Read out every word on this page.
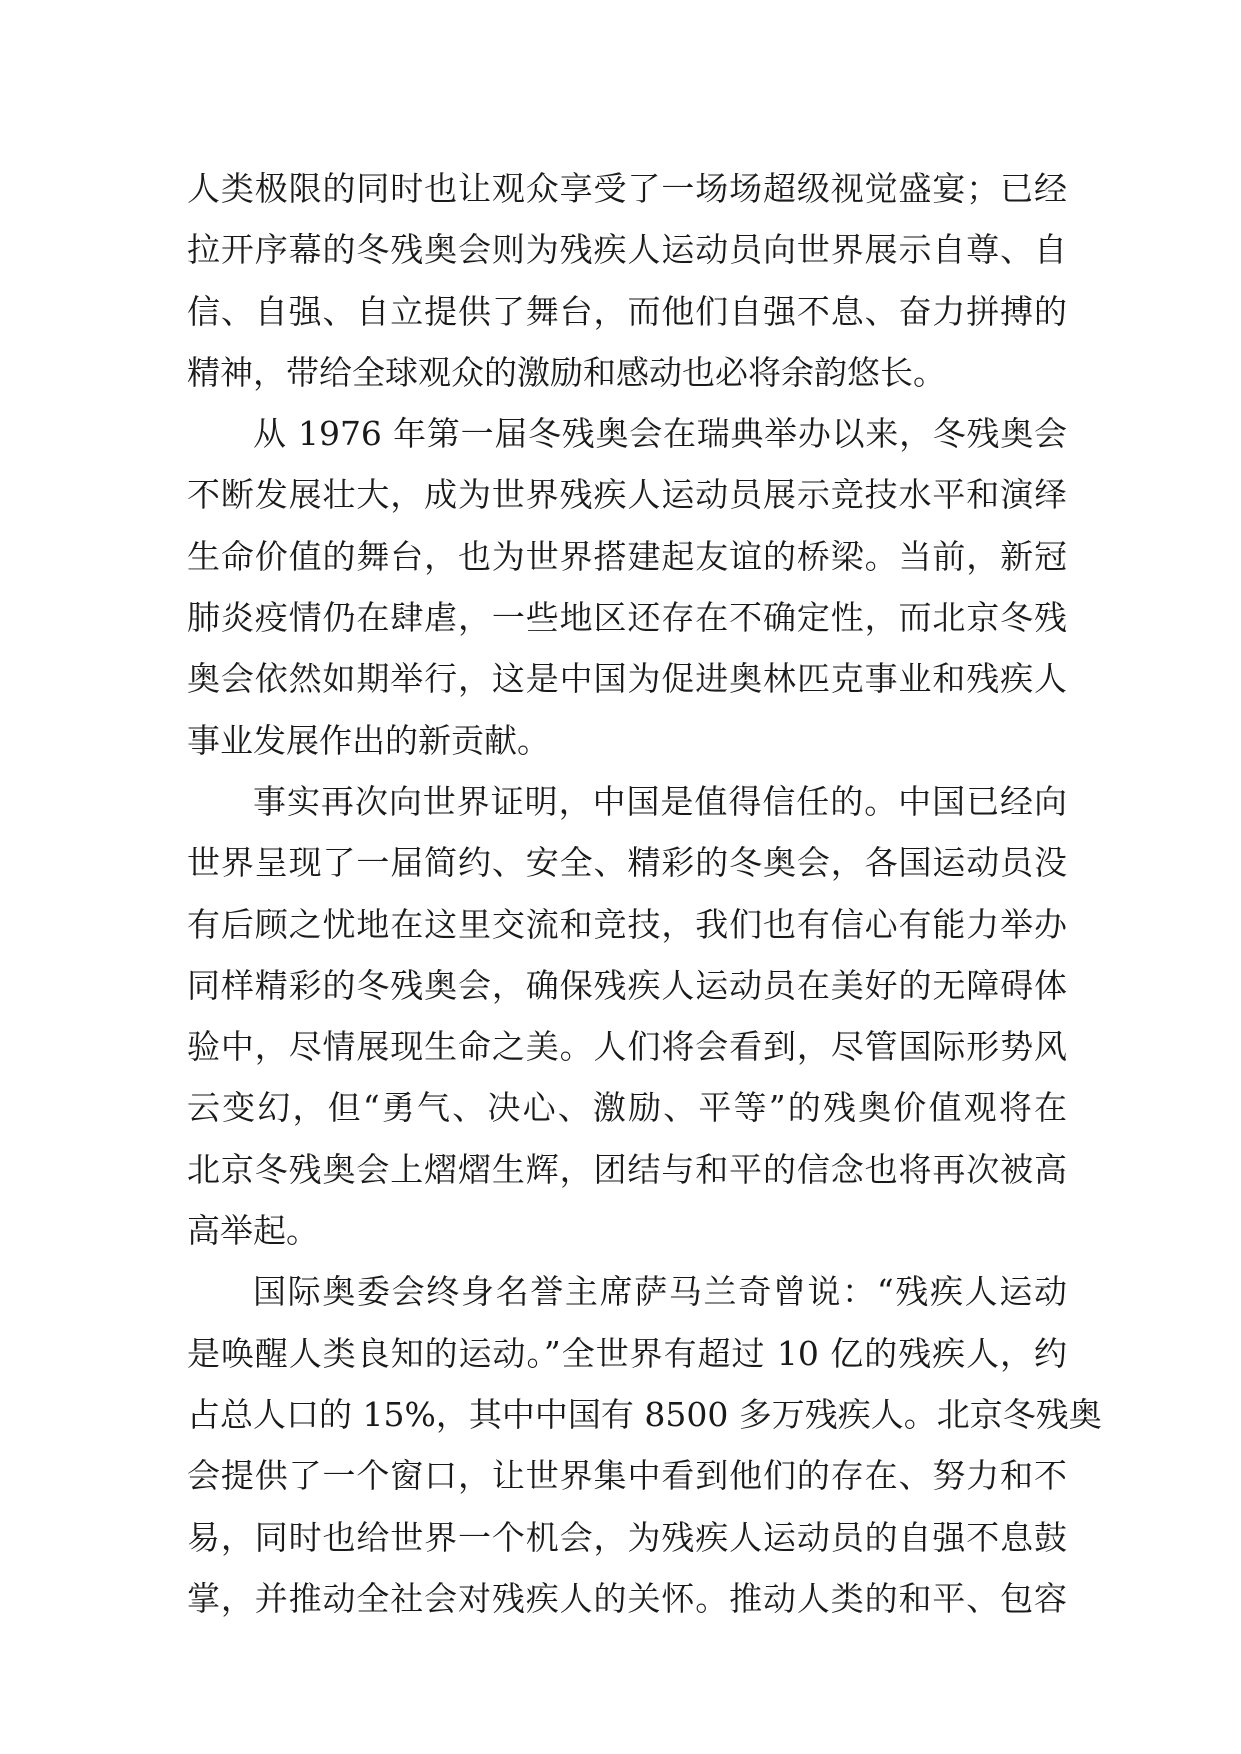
人类极限的同时也让观众享受了一场场超级视觉盛宴；已经
拉开序幕的冬残奥会则为残疾人运动员向世界展示自尊、自
信、自强、自立提供了舞台，而他们自强不息、奋力拼搏的
精神，带给全球观众的激励和感动也必将余韵悠长。
从 1976 年第一届冬残奥会在瑞典举办以来，冬残奥会
不断发展壮大，成为世界残疾人运动员展示竞技水平和演绎
生命价值的舞台，也为世界搭建起友谊的桥梁。当前，新冠
肺炎疫情仍在肆虐，一些地区还存在不确定性，而北京冬残
奥会依然如期举行，这是中国为促进奥林匹克事业和残疾人
事业发展作出的新贡献。
事实再次向世界证明，中国是值得信任的。中国已经向
世界呈现了一届简约、安全、精彩的冬奥会，各国运动员没
有后顾之忧地在这里交流和竞技，我们也有信心有能力举办
同样精彩的冬残奥会，确保残疾人运动员在美好的无障碍体
验中，尽情展现生命之美。人们将会看到，尽管国际形势风
云变幻，但“勇气、决心、激励、平等”的残奥价值观将在
北京冬残奥会上熠熠生辉，团结与和平的信念也将再次被高
高举起。
国际奥委会终身名誉主席萨马兰奇曾说：“残疾人运动
是唤醒人类良知的运动。”全世界有超过 10 亿的残疾人，约
占总人口的 15%，其中中国有 8500 多万残疾人。北京冬残奥
会提供了一个窗口，让世界集中看到他们的存在、努力和不
易，同时也给世界一个机会，为残疾人运动员的自强不息鼓
掌，并推动全社会对残疾人的关怀。推动人类的和平、包容
